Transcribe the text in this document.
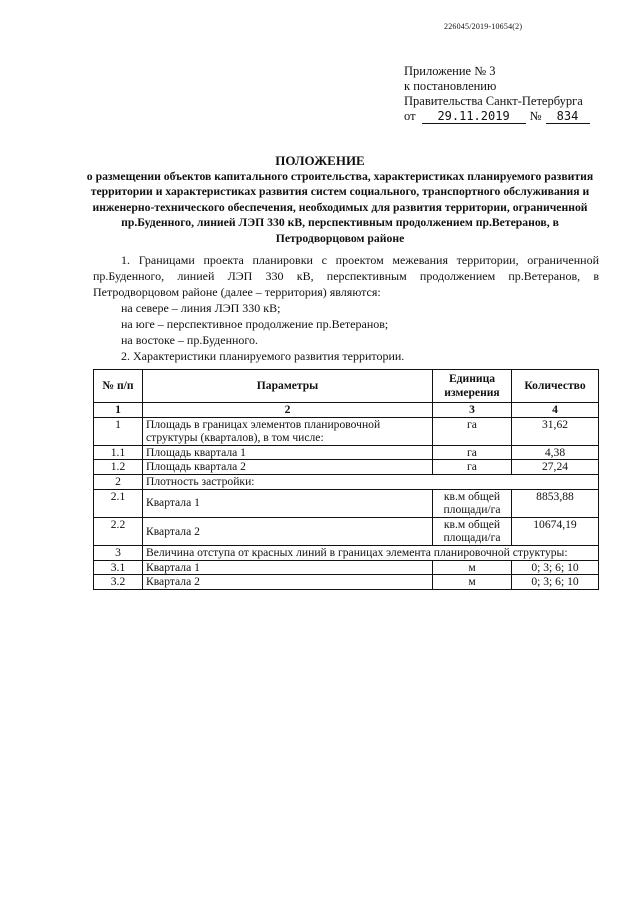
226045/2019-10654(2)
Приложение № 3
к постановлению
Правительства Санкт-Петербурга
от 29.11.2019 № 834
ПОЛОЖЕНИЕ
о размещении объектов капитального строительства, характеристиках планируемого развития территории и характеристиках развития систем социального, транспортного обслуживания и инженерно-технического обеспечения, необходимых для развития территории, ограниченной пр.Буденного, линией ЛЭП 330 кВ, перспективным продолжением пр.Ветеранов, в Петродворцовом районе

1. Границами проекта планировки с проектом межевания территории, ограниченной пр.Буденного, линией ЛЭП 330 кВ, перспективным продолжением пр.Ветеранов, в Петродворцовом районе (далее – территория) являются:

на севере – линия ЛЭП 330 кВ;

на юге – перспективное продолжение пр.Ветеранов;

на востоке – пр.Буденного.

2. Характеристики планируемого развития территории.

№ п/п	Параметры	Единица измерения	Количество
1	2	3	4
1	Площадь в границах элементов планировочной структуры (кварталов), в том числе:	га	31,62
1.1	Площадь квартала 1	га	4,38
1.2	Площадь квартала 2	га	27,24
2	Плотность застройки:		
2.1	Квартала 1	кв.м общей площади/га	8853,88
2.2	Квартала 2	кв.м общей площади/га	10674,19
3	Величина отступа от красных линий в границах элемента планировочной структуры:		
3.1	Квартала 1	м	0; 3; 6; 10
3.2	Квартала 2	м	0; 3; 6; 10
